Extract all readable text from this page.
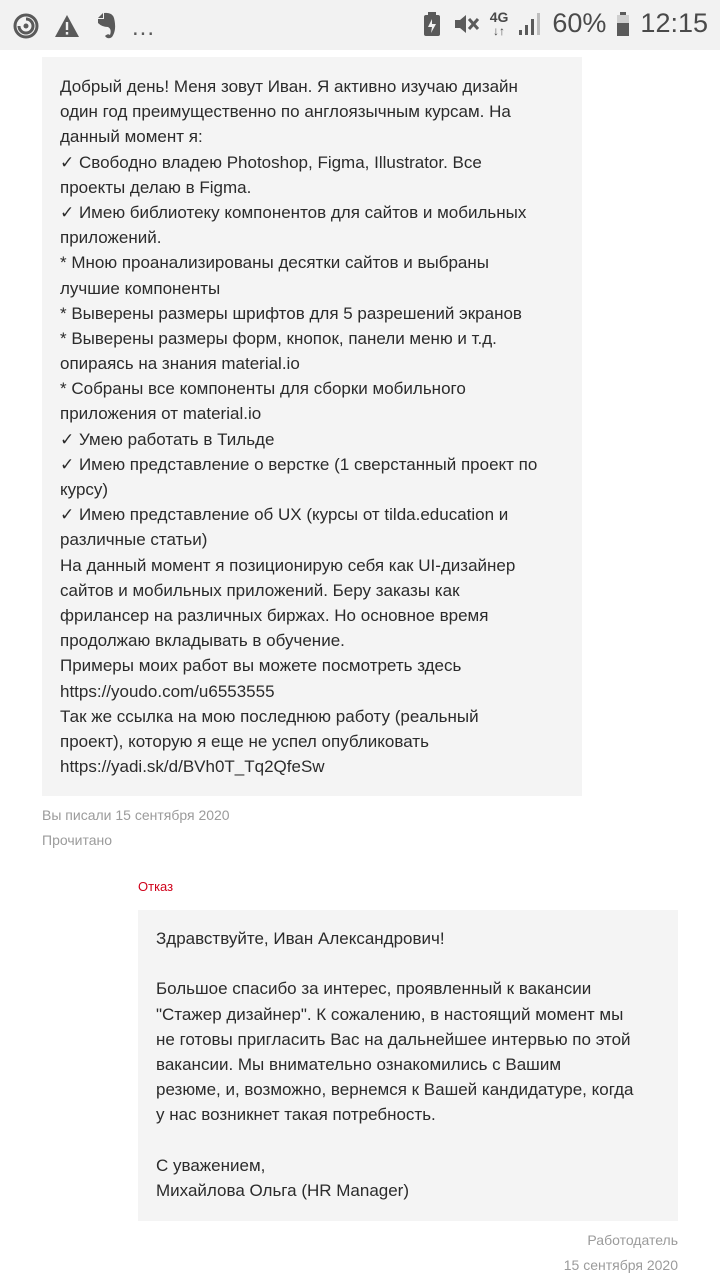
...	4G
↓↑ 60% 12:15
Добрый день! Меня зовут Иван. Я активно изучаю дизайн
один год преимущественно по англоязычным курсам. На
данный момент я:
✓ Свободно владею Photoshop, Figma, Illustrator. Все
проекты делаю в Figma.
✓ Имею библиотеку компонентов для сайтов и мобильных
приложений.
* Мною проанализированы десятки сайтов и выбраны
лучшие компоненты
* Выверены размеры шрифтов для 5 разрешений экранов
* Выверены размеры форм, кнопок, панели меню и т.д.
опираясь на знания material.io
* Собраны все компоненты для сборки мобильного
приложения от material.io
✓ Умею работать в Тильде
✓ Имею представление о верстке (1 сверстанный проект по
курсу)
✓ Имею представление об UX (курсы от tilda.education и
различные статьи)
На данный момент я позиционирую себя как UI-дизайнер
сайтов и мобильных приложений. Беру заказы как
фрилансер на различных биржах. Но основное время
продолжаю вкладывать в обучение.
Примеры моих работ вы можете посмотреть здесь
https://youdo.com/u6553555
Так же ссылка на мою последнюю работу (реальный
проект), которую я еще не успел опубликовать
https://yadi.sk/d/BVh0T_Tq2QfeSw
Вы писали 15 сентября 2020
Прочитано
Отказ
Здравствуйте, Иван Александрович!
Большое спасибо за интерес, проявленный к вакансии
"Стажер дизайнер". К сожалению, в настоящий момент мы
не готовы пригласить Вас на дальнейшее интервью по этой
вакансии. Мы внимательно ознакомились с Вашим
резюме, и, возможно, вернемся к Вашей кандидатуре, когда
у нас возникнет такая потребность.
С уважением,
Михайлова Ольга (HR Manager)
Работодатель
15 сентября 2020
